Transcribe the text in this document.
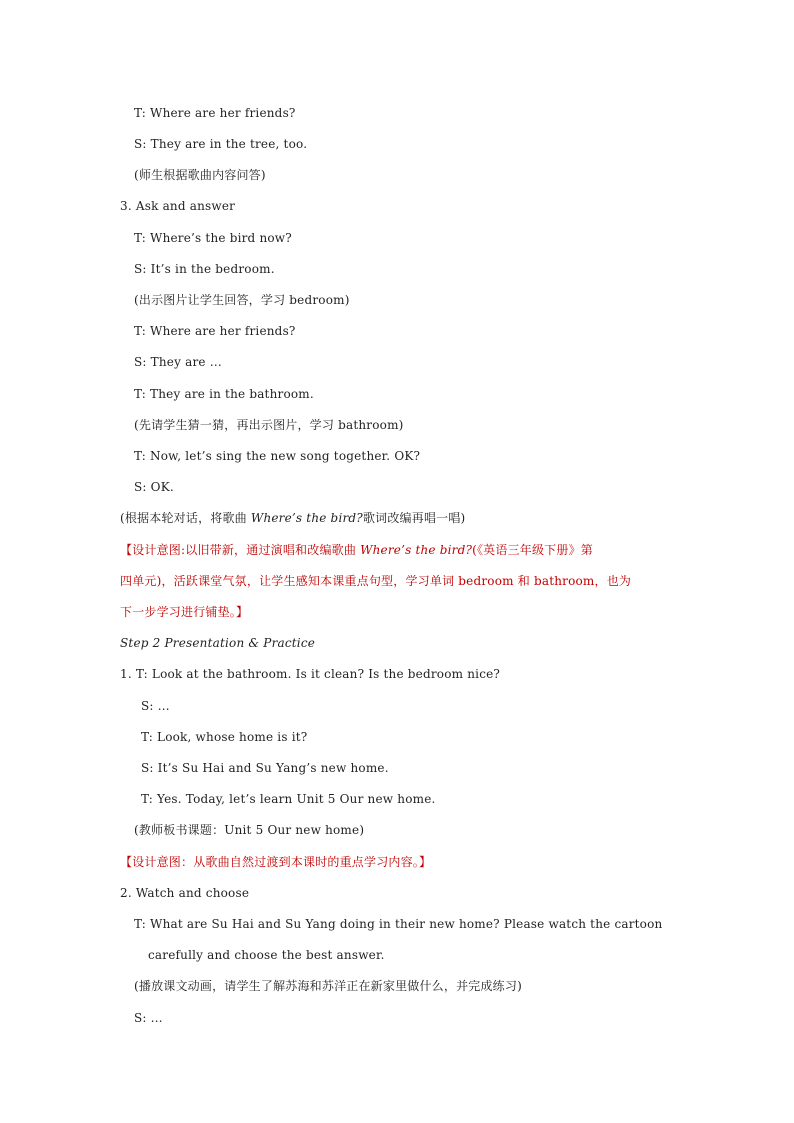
T: Where are her friends?
S: They are in the tree, too.
(师生根据歌曲内容问答)
3. Ask and answer
T: Where’s the bird now?
S: It’s in the bedroom.
(出示图片让学生回答，学习 bedroom)
T: Where are her friends?
S: They are …
T: They are in the bathroom.
(先请学生猜一猜，再出示图片，学习 bathroom)
T: Now, let’s sing the new song together. OK?
S: OK.
(根据本轮对话，将歌曲 Where’s the bird?歌词改编再唱一唱)
【设计意图:以旧带新，通过演唱和改编歌曲 Where’s the bird?(《英语三年级下册》第
四单元)，活跃课堂气氛，让学生感知本课重点句型，学习单词 bedroom 和 bathroom，也为
下一步学习进行铺垫。】
Step 2 Presentation & Practice
1. T: Look at the bathroom. Is it clean? Is the bedroom nice?
S: …
T: Look, whose home is it?
S: It’s Su Hai and Su Yang’s new home.
T: Yes. Today, let’s learn Unit 5 Our new home.
(教师板书课题：Unit 5 Our new home)
【设计意图：从歌曲自然过渡到本课时的重点学习内容。】
2. Watch and choose
T: What are Su Hai and Su Yang doing in their new home? Please watch the cartoon
carefully and choose the best answer.
(播放课文动画，请学生了解苏海和苏洋正在新家里做什么，并完成练习)
S: …
